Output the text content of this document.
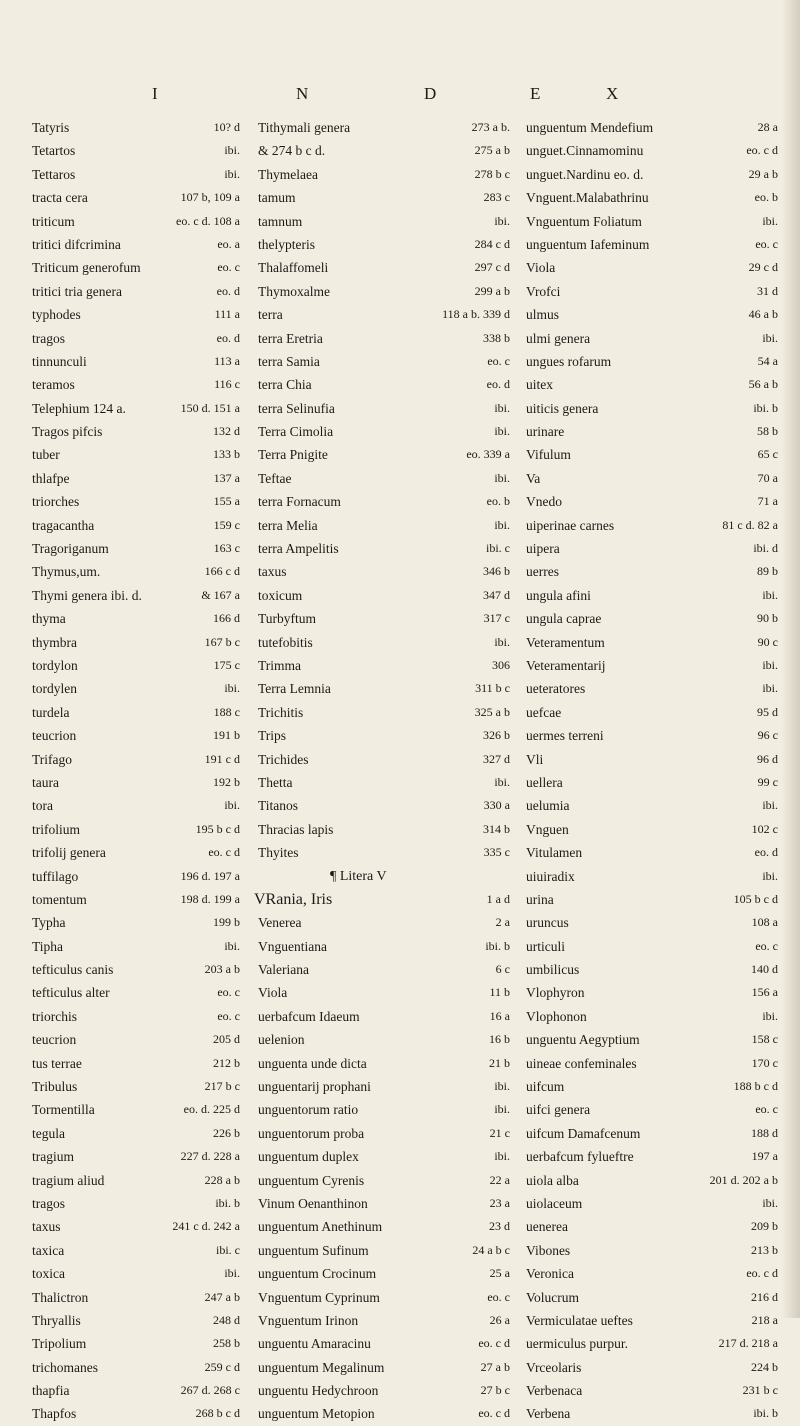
I	N	D	E	X
Tatyris	10? d
Tetartos	ibi.
Tettaros	ibi.
tracta cera	107 b, 109 a
triticum	eo. c d. 108 a
tritici difcrimina	eo. a
Triticum generofum	eo. c
tritici tria genera	eo. d
typhodes	111 a
tragos	eo. d
tinnunculi	113 a
teramos	116 c
Telephium 124 a.	150 d. 151 a
Tragos pifcis	132 d
tuber	133 b
thlafpe	137 a
triorches	155 a
tragacantha	159 c
Tragoriganum	163 c
Thymus,um.	166 c d
Thymi genera ibi. d.	& 167 a
thyma	166 d
thymbra	167 b c
tordylon	175 c
tordylen	ibi.
turdela	188 c
teucrion	191 b
Trifago	191 c d
taura	192 b
tora	ibi.
trifolium	195 b c d
trifolij genera	eo. c d
tuffilago	196 d. 197 a
tomentum	198 d. 199 a
Typha	199 b
Tipha	ibi.
tefticulus canis	203 a b
tefticulus alter	eo. c
triorchis	eo. c
teucrion	205 d
tus terrae	212 b
Tribulus	217 b c
Tormentilla	eo. d. 225 d
tegula	226 b
tragium	227 d. 228 a
tragium aliud	228 a b
tragos	ibi. b
taxus	241 c d. 242 a
taxica	ibi. c
toxica	ibi.
Thalictron	247 a b
Thryallis	248 d
Tripolium	258 b
trichomanes	259 c d
thapfia	267 d. 268 c
Thapfos	268 b c d
Tithymali genera	273 a b.
& 274 b c d.	275 a b
Thymelaea	278 b c
tamum	283 c
tamnum	ibi.
thelypteris	284 c d
Thalaffomeli	297 c d
Thymoxalme	299 a b
terra	118 a b. 339 d
terra Eretria	338 b
terra Samia	eo. c
terra Chia	eo. d
terra Selinufia	ibi.
Terra Cimolia	ibi.
Terra Pnigite	eo. 339 a
Teftae	ibi.
terra Fornacum	eo. b
terra Melia	ibi.
terra Ampelitis	ibi. c
taxus	346 b
toxicum	347 d
Turbyftum	317 c
tutefobitis	ibi.
Trimma	306
Terra Lemnia	311 b c
Trichitis	325 a b
Trips	326 b
Trichides	327 d
Thetta	ibi.
Titanos	330 a
Thracias lapis	314 b
Thyites	335 c
¶ Litera V
VRania, Iris	1 a d
Venerea	2 a
Vnguentiana	ibi. b
Valeriana	6 c
Viola	11 b
uerbafcum Idaeum	16 a
uelenion	16 b
unguenta unde dicta	21 b
unguentarij prophani	ibi.
unguentorum ratio	ibi.
unguentorum proba	21 c
unguentum duplex	ibi.
unguentum Cyrenis	22 a
Vinum Oenanthinon	23 a
unguentum Anethinum	23 d
unguentum Sufinum	24 a b c
unguentum Crocinum	25 a
Vnguentum Cyprinum	eo. c
Vnguentum Irinon	26 a
unguentu Amaracinu	eo. c d
unguentum Megalinum	27 a b
unguentu Hedychroon	27 b c
unguentum Metopion	eo. c d
unguentum Mendefium	28 a
unguet.Cinnamominu	eo. c d
unguet.Nardinu eo. d.	29 a b
Vnguent.Malabathrinu	eo. b
Vnguentum Foliatum	ibi.
unguentum Iafeminum	eo. c
Viola	29 c d
Vrofci	31 d
ulmus	46 a b
ulmi genera	ibi.
ungues rofarum	54 a
uitex	56 a b
uiticis genera	ibi. b
urinare	58 b
Vifulum	65 c
Va	70 a
Vnedo	71 a
uiperinae carnes	81 c d. 82 a
uipera	ibi. d
uerres	89 b
ungula afini	ibi.
ungula caprae	90 b
Veteramentum	90 c
Veteramentarij	ibi.
ueteratores	ibi.
uefcae	95 d
uermes terreni	96 c
Vli	96 d
uellera	99 c
uelumia	ibi.
Vnguen	102 c
Vitulamen	eo. d
uiuiradix	ibi.
urina	105 b c d
uruncus	108 a
urticuli	eo. c
umbilicus	140 d
Vlophyron	156 a
Vlophonon	ibi.
unguentu Aegyptium	158 c
uineae confeminales	170 c
uifcum	188 b c d
uifci genera	eo. c
uifcum Damafcenum	188 d
uerbafcum fylueftre	197 a
uiola alba	201 d. 202 a b
uiolaceum	ibi.
uenerea	209 b
Vibones	213 b
Veronica	eo. c d
Volucrum	216 d
Vermiculatae ueftes	218 a
uermiculus purpur.	217 d. 218 a
Vrceolaris	224 b
Verbenaca	231 b c
Verbena	ibi. b
